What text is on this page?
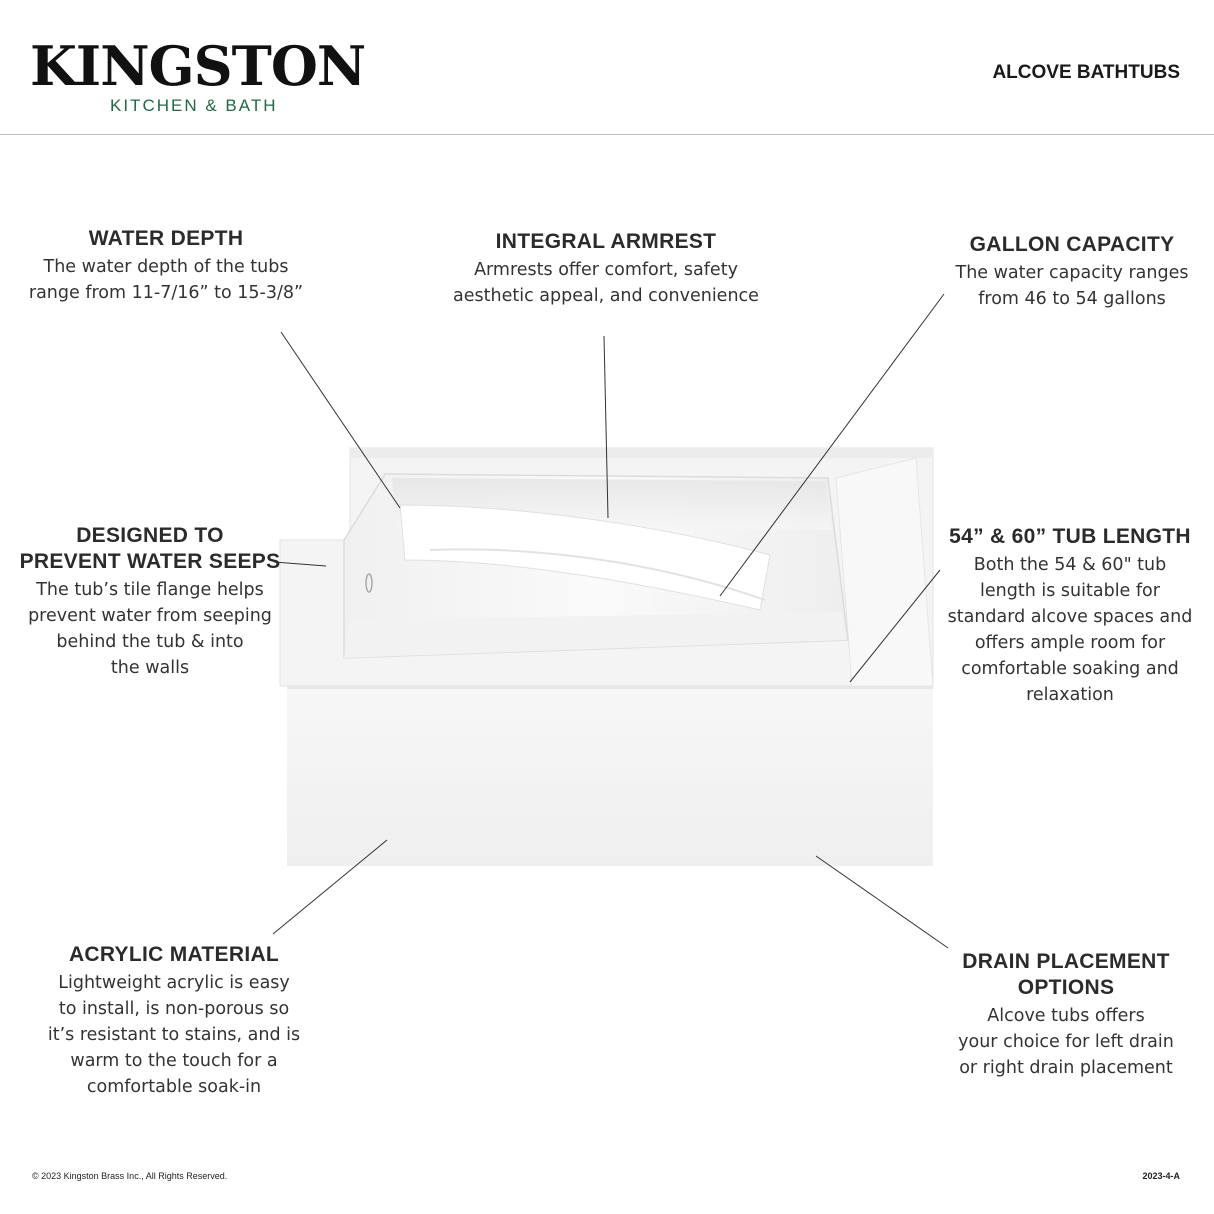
KINGSTON
KITCHEN & BATH
ALCOVE BATHTUBS
WATER DEPTH
The water depth of the tubs
range from 11-7/16” to 15-3/8”
INTEGRAL ARMREST
Armrests offer comfort, safety
aesthetic appeal, and convenience
GALLON CAPACITY
The water capacity ranges
from 46 to 54 gallons
DESIGNED TO
PREVENT WATER SEEPS
The tub’s tile flange helps
prevent water from seeping
behind the tub & into
the walls
54” & 60” TUB LENGTH
Both the 54 & 60" tub
length is suitable for
standard alcove spaces and
offers ample room for
comfortable soaking and
relaxation
ACRYLIC MATERIAL
Lightweight acrylic is easy
to install, is non-porous so
it’s resistant to stains, and is
warm to the touch for a
comfortable soak-in
DRAIN PLACEMENT
OPTIONS
Alcove tubs offers
your choice for left drain
or right drain placement
© 2023 Kingston Brass Inc., All Rights Reserved.	2023-4-A
